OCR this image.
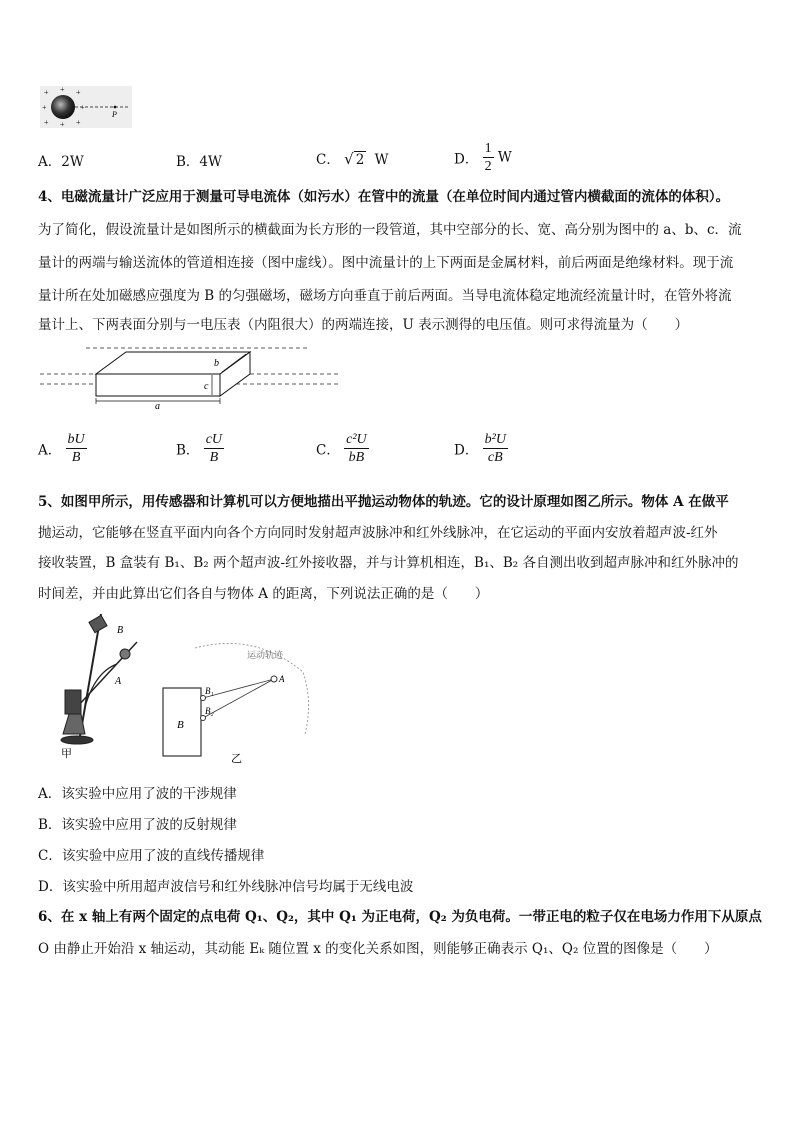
+ + +
+	+
+ + +
P
A．2W	B．4W	C． √ 2 W	D． $\frac{1}{2}$ W
4、电磁流量计广泛应用于测量可导电流体（如污水）在管中的流量（在单位时间内通过管内横截面的流体的体积）。
为了简化，假设流量计是如图所示的横截面为长方形的一段管道，其中空部分的长、宽、高分别为图中的 a、b、c．流
量计的两端与输送流体的管道相连接（图中虚线）。图中流量计的上下两面是金属材料，前后两面是绝缘材料。现于流
量计所在处加磁感应强度为 B 的匀强磁场，磁场方向垂直于前后两面。当导电流体稳定地流经流量计时，在管外将流
量计上、下两表面分别与一电压表（内阻很大）的两端连接，U 表示测得的电压值。则可求得流量为（　　）
a
b
c
A． $\frac{bU}{B}$	B． $\frac{cU}{B}$	C． $\frac{\text{c²U}}{bB}$	D． $\frac{\text{b²U}}{cB}$
5、如图甲所示，用传感器和计算机可以方便地描出平抛运动物体的轨迹。它的设计原理如图乙所示。物体 A 在做平
抛运动，它能够在竖直平面内向各个方向同时发射超声波脉冲和红外线脉冲，在它运动的平面内安放着超声波-红外
接收装置，B 盒装有 B₁、B₂ 两个超声波-红外接收器，并与计算机相连，B₁、B₂ 各自测出收到超声脉冲和红外脉冲的
时间差，并由此算出它们各自与物体 A 的距离，下列说法正确的是（　　）
B
A
甲
B
B₁
B₂
A
运动轨迹
乙
A．该实验中应用了波的干涉规律
B．该实验中应用了波的反射规律
C．该实验中应用了波的直线传播规律
D．该实验中所用超声波信号和红外线脉冲信号均属于无线电波
6、在 x 轴上有两个固定的点电荷 Q₁、Q₂，其中 Q₁ 为正电荷，Q₂ 为负电荷。一带正电的粒子仅在电场力作用下从原点
O 由静止开始沿 x 轴运动，其动能 Eₖ 随位置 x 的变化关系如图，则能够正确表示 Q₁、Q₂ 位置的图像是（　　）
